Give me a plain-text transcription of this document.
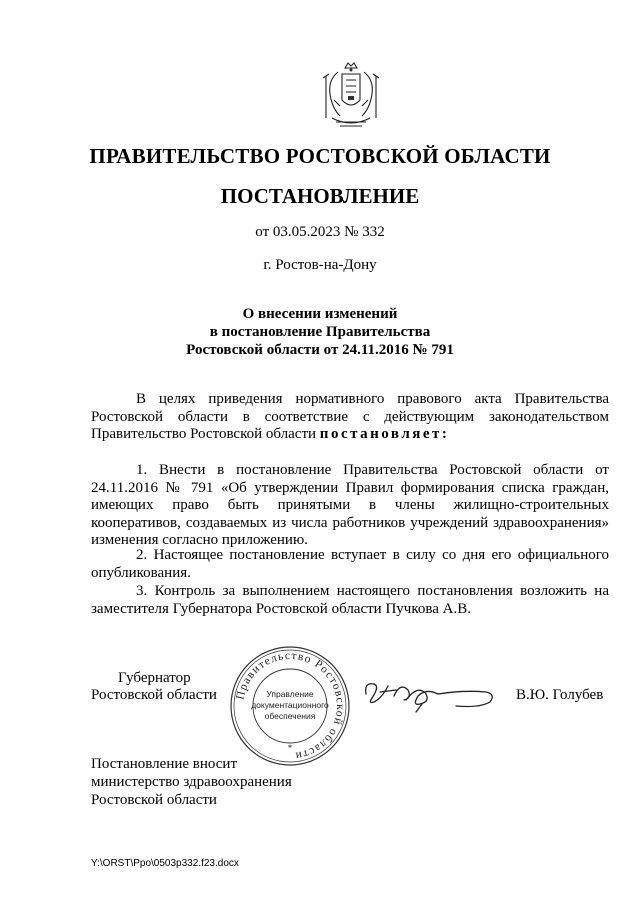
ПРАВИТЕЛЬСТВО РОСТОВСКОЙ ОБЛАСТИ
ПОСТАНОВЛЕНИЕ
от 03.05.2023 № 332
г. Ростов-на-Дону
О внесении изменений
в постановление Правительства
Ростовской области от 24.11.2016 № 791

В целях приведения нормативного правового акта Правительства Ростовской области в соответствие с действующим законодательством Правительство Ростовской области постановляет:

1. Внести в постановление Правительства Ростовской области от 24.11.2016 № 791 «Об утверждении Правил формирования списка граждан, имеющих право быть принятыми в члены жилищно-строительных кооперативов, создаваемых из числа работников учреждений здравоохранения» изменения согласно приложению.

2. Настоящее постановление вступает в силу со дня его официального опубликования.

3. Контроль за выполнением настоящего постановления возложить на заместителя Губернатора Ростовской области Пучкова А.В.

Губернатор
Ростовской области	В.Ю. Голубев
Правительство Ростовской области
Управление
документационного
обеспечения
*
Постановление вносит
министерство здравоохранения
Ростовской области
Y:\ORST\Ppo\0503p332.f23.docx
